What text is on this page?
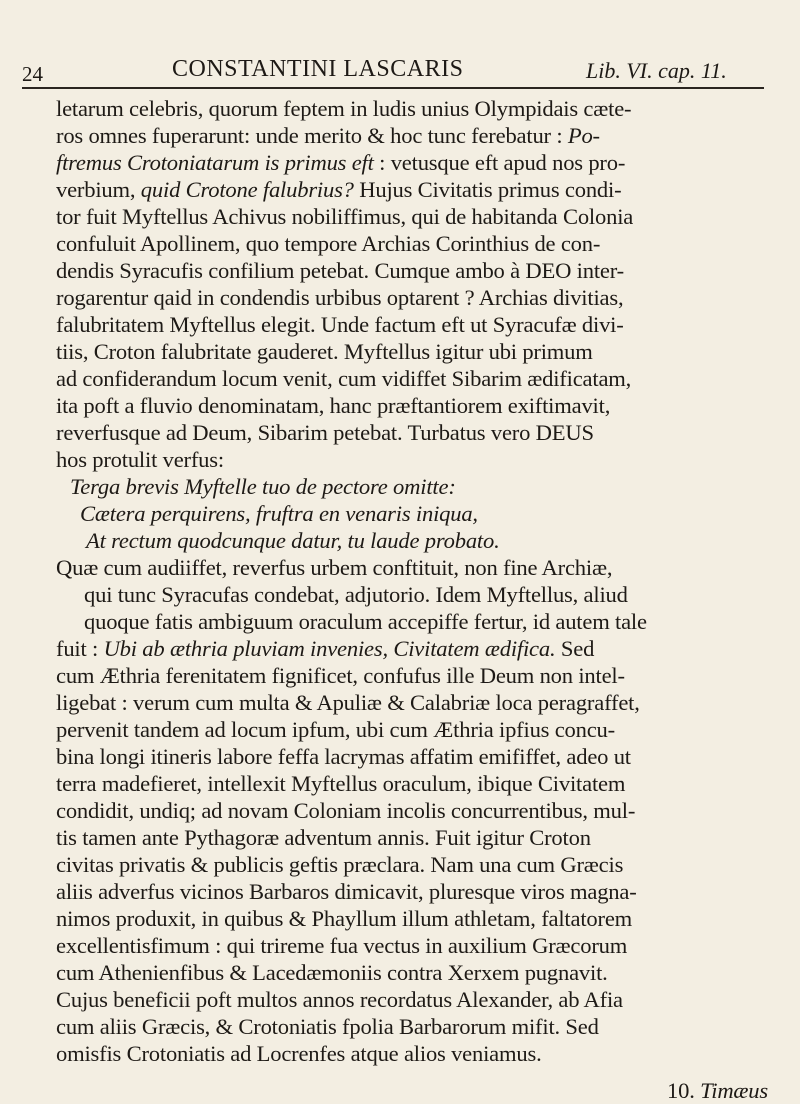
24	CONSTANTINI LASCARIS	Lib. VI. cap. 11.
letarum celebris, quorum feptem in ludis unius Olympidais cæte-
ros omnes fuperarunt: unde merito & hoc tunc ferebatur : Po-
ftremus Crotoniatarum is primus eft : vetusque eft apud nos pro-
verbium, quid Crotone falubrius? Hujus Civitatis primus condi-
tor fuit Myftellus Achivus nobiliffimus, qui de habitanda Colonia
confuluit Apollinem, quo tempore Archias Corinthius de con-
dendis Syracufis confilium petebat. Cumque ambo à DEO inter-
rogarentur qaid in condendis urbibus optarent ? Archias divitias,
falubritatem Myftellus elegit. Unde factum eft ut Syracufæ divi-
tiis, Croton falubritate gauderet. Myftellus igitur ubi primum
ad confiderandum locum venit, cum vidiffet Sibarim ædificatam,
ita poft a fluvio denominatam, hanc præftantiorem exiftimavit,
reverfusque ad Deum, Sibarim petebat. Turbatus vero DEUS
hos protulit verfus:
Terga brevis Myftelle tuo de pectore omitte:
Cætera perquirens, fruftra en venaris iniqua,
At rectum quodcunque datur, tu laude probato.
Quæ cum audiiffet, reverfus urbem conftituit, non fine Archiæ,
qui tunc Syracufas condebat, adjutorio. Idem Myftellus, aliud
quoque fatis ambiguum oraculum accepiffe fertur, id autem tale
fuit : Ubi ab æthria pluviam invenies, Civitatem ædifica. Sed
cum Æthria ferenitatem fignificet, confufus ille Deum non intel-
ligebat : verum cum multa & Apuliæ & Calabriæ loca peragraffet,
pervenit tandem ad locum ipfum, ubi cum Æthria ipfius concu-
bina longi itineris labore feffa lacrymas affatim emififfet, adeo ut
terra madefieret, intellexit Myftellus oraculum, ibique Civitatem
condidit, undiq; ad novam Coloniam incolis concurrentibus, mul-
tis tamen ante Pythagoræ adventum annis. Fuit igitur Croton
civitas privatis & publicis geftis præclara. Nam una cum Græcis
aliis adverfus vicinos Barbaros dimicavit, pluresque viros magna-
nimos produxit, in quibus & Phayllum illum athletam, faltatorem
excellentisfimum : qui trireme fua vectus in auxilium Græcorum
cum Athenienfibus & Lacedæmoniis contra Xerxem pugnavit.
Cujus beneficii poft multos annos recordatus Alexander, ab Afia
cum aliis Græcis, & Crotoniatis fpolia Barbarorum mifit. Sed
omisfis Crotoniatis ad Locrenfes atque alios veniamus.
10. Timæus
